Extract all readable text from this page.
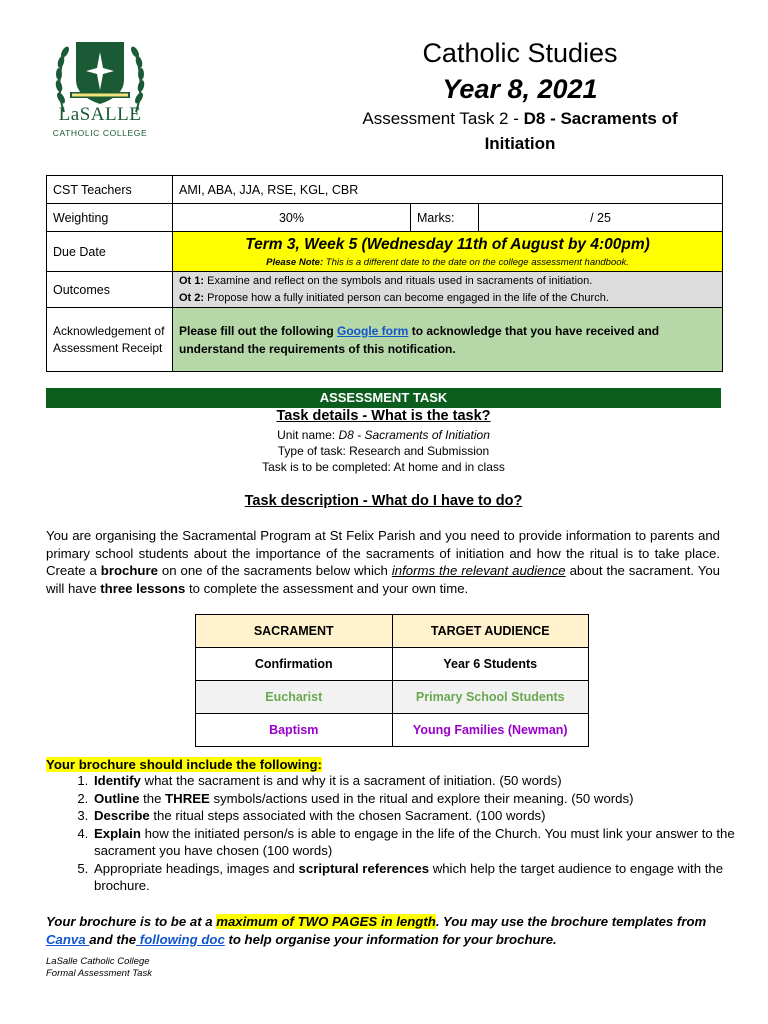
LaSALLE
CATHOLIC COLLEGE
Catholic Studies
Year 8, 2021
Assessment Task 2 - D8 - Sacraments of
Initiation
CST Teachers	AMI, ABA, JJA, RSE, KGL, CBR		
Weighting	30%	Marks:	/ 25
Due Date	Term 3, Week 5 (Wednesday 11th of August by 4:00pm)
Please Note: This is a different date to the date on the college assessment handbook.		

Outcomes	Ot 1: Examine and reflect on the symbols and rituals used in sacraments of initiation.
Ot 2: Propose how a fully initiated person can become engaged in the life of the Church.		

Acknowledgement of Assessment Receipt	Please fill out the following Google form to acknowledge that you have received and understand the requirements of this notification.		
ASSESSMENT TASK
Task details - What is the task?
Unit name: D8 - Sacraments of Initiation
Type of task: Research and Submission
Task is to be completed: At home and in class
Task description - What do I have to do?
You are organising the Sacramental Program at St Felix Parish and you need to provide information to parents and primary school students about the importance of the sacraments of initiation and how the ritual is to take place. Create a brochure on one of the sacraments below which informs the relevant audience about the sacrament. You will have three lessons to complete the assessment and your own time.
SACRAMENT	TARGET AUDIENCE
Confirmation	Year 6 Students
Eucharist	Primary School Students
Baptism	Young Families (Newman)
Your brochure should include the following:
1. Identify what the sacrament is and why it is a sacrament of initiation. (50 words)
2. Outline the THREE symbols/actions used in the ritual and explore their meaning. (50 words)
3. Describe the ritual steps associated with the chosen Sacrament. (100 words)
4. Explain how the initiated person/s is able to engage in the life of the Church. You must link your answer to the sacrament you have chosen (100 words)
5. Appropriate headings, images and scriptural references which help the target audience to engage with the brochure.
Your brochure is to be at a maximum of TWO PAGES in length. You may use the brochure templates from
Canva and the following doc to help organise your information for your brochure.
LaSalle Catholic College
Formal Assessment Task
